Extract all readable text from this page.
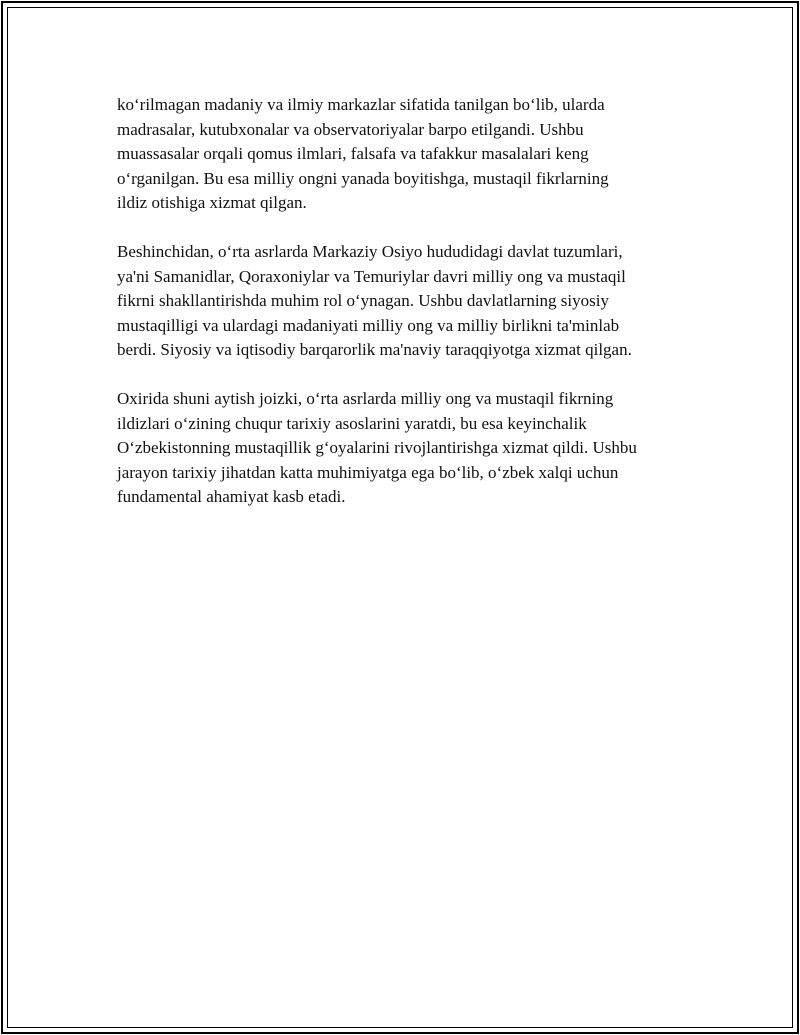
ko‘rilmagan madaniy va ilmiy markazlar sifatida tanilgan bo‘lib, ularda
madrasalar, kutubxonalar va observatoriyalar barpo etilgandi. Ushbu
muassasalar orqali qomus ilmlari, falsafa va tafakkur masalalari keng
o‘rganilgan. Bu esa milliy ongni yanada boyitishga, mustaqil fikrlarning
ildiz otishiga xizmat qilgan.

Beshinchidan, o‘rta asrlarda Markaziy Osiyo hududidagi davlat tuzumlari,
ya'ni Samanidlar, Qoraxoniylar va Temuriylar davri milliy ong va mustaqil
fikrni shakllantirishda muhim rol o‘ynagan. Ushbu davlatlarning siyosiy
mustaqilligi va ulardagi madaniyati milliy ong va milliy birlikni ta'minlab
berdi. Siyosiy va iqtisodiy barqarorlik ma'naviy taraqqiyotga xizmat qilgan.

Oxirida shuni aytish joizki, o‘rta asrlarda milliy ong va mustaqil fikrning
ildizlari o‘zining chuqur tarixiy asoslarini yaratdi, bu esa keyinchalik
O‘zbekistonning mustaqillik g‘oyalarini rivojlantirishga xizmat qildi. Ushbu
jarayon tarixiy jihatdan katta muhimiyatga ega bo‘lib, o‘zbek xalqi uchun
fundamental ahamiyat kasb etadi.
